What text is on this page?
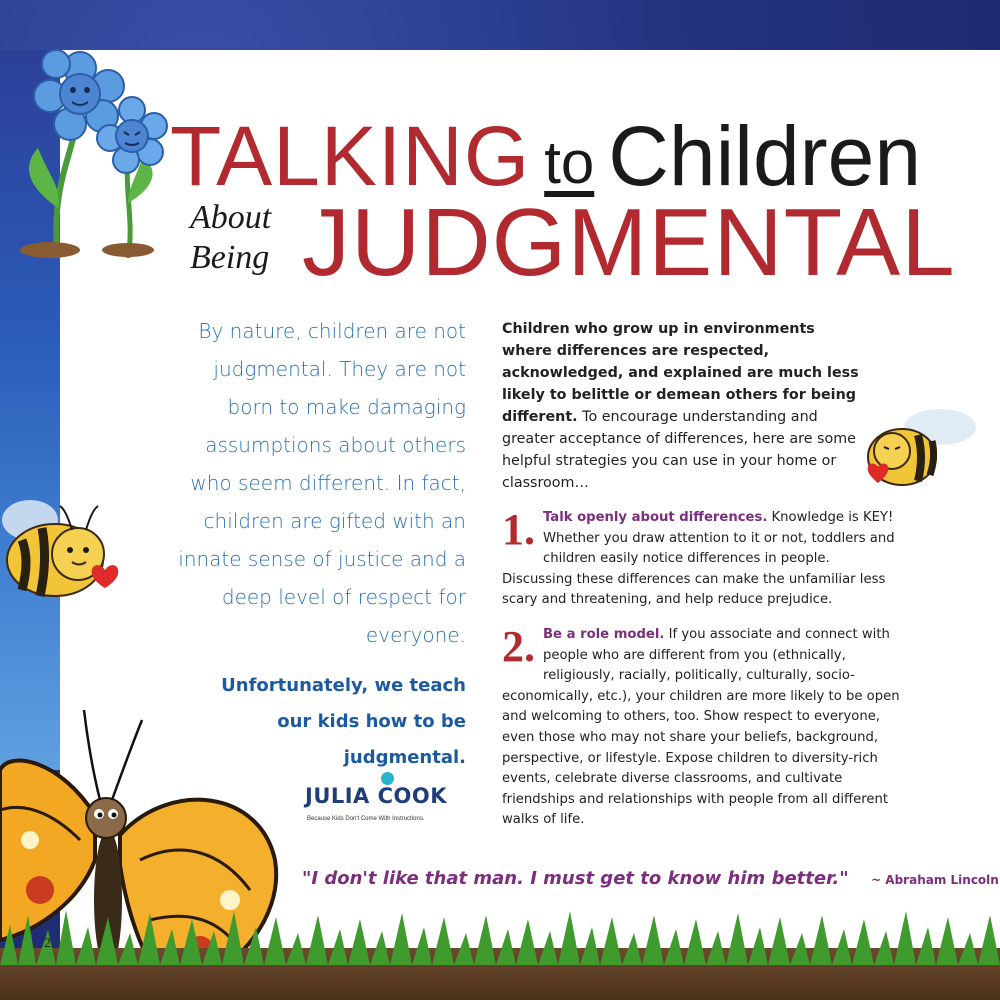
TALKING to Children
About
Being JUDGMENTAL
By nature, children are not judgmental. They are not born to make damaging assumptions about others who seem different. In fact, children are gifted with an innate sense of justice and a deep level of respect for everyone.
Unfortunately, we teach our kids how to be judgmental.
JULIA COOK
Because Kids Don't Come With Instructions.

Children who grow up in environments where differences are respected, acknowledged, and explained are much less likely to belittle or demean others for being different. To encourage understanding and greater acceptance of differences, here are some helpful strategies you can use in your home or classroom…

1. Talk openly about differences. Knowledge is KEY! Whether you draw attention to it or not, toddlers and children easily notice differences in people. Discussing these differences can make the unfamiliar less scary and threatening, and help reduce prejudice.
2. Be a role model. If you associate and connect with people who are different from you (ethnically, religiously, racially, politically, culturally, socio-economically, etc.), your children are more likely to be open and welcoming to others, too. Show respect to everyone, even those who may not share your beliefs, background, perspective, or lifestyle. Expose children to diversity-rich events, celebrate diverse classrooms, and cultivate friendships and relationships with people from all different walks of life.
"I don't like that man. I must get to know him better." ~ Abraham Lincoln
2
